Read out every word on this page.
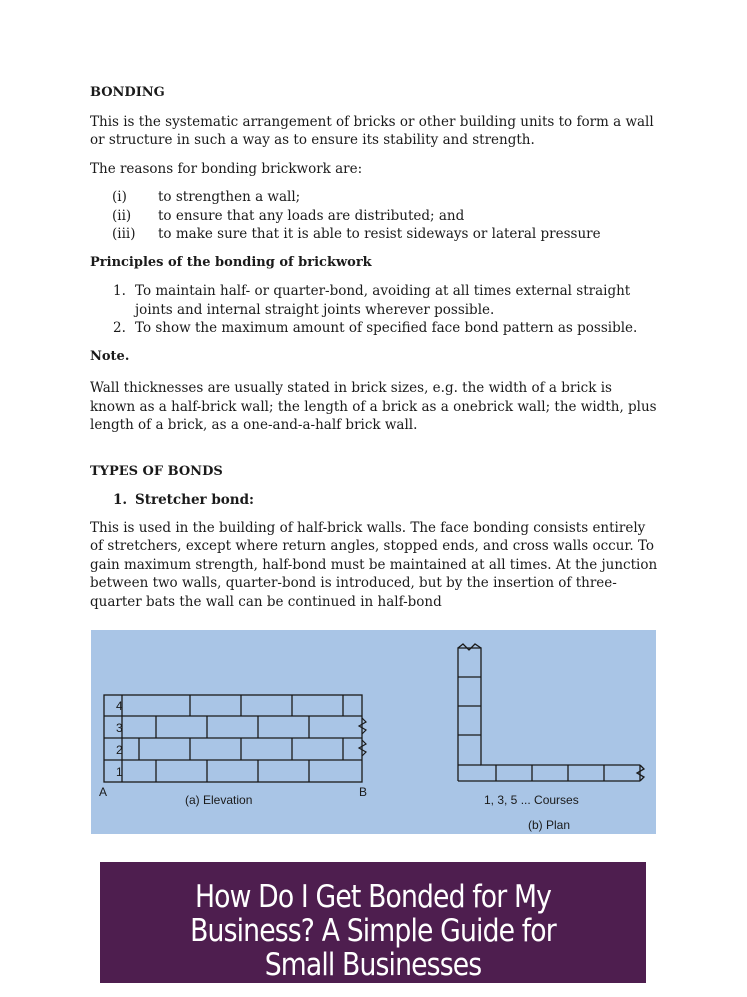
BONDING

This is the systematic arrangement of bricks or other building units to form a wall or structure in such a way as to ensure its stability and strength.

The reasons for bonding brickwork are:

(i)	to strengthen a wall;
(ii)	to ensure that any loads are distributed; and
(iii)	to make sure that it is able to resist sideways or lateral pressure
Principles of the bonding of brickwork
1. To maintain half- or quarter-bond, avoiding at all times external straight joints and internal straight joints wherever possible.
2. To show the maximum amount of specified face bond pattern as possible.
Note.

Wall thicknesses are usually stated in brick sizes, e.g. the width of a brick is known as a half-brick wall; the length of a brick as a onebrick wall; the width, plus length of a brick, as a one-and-a-half brick wall.

TYPES OF BONDS
1. Stretcher bond:

This is used in the building of half-brick walls. The face bonding consists entirely of stretchers, except where return angles, stopped ends, and cross walls occur. To gain maximum strength, half-bond must be maintained at all times. At the junction between two walls, quarter-bond is introduced, but by the insertion of three-quarter bats the wall can be continued in half-bond

4
3
2
1
A	B
(a) Elevation	1, 3, 5 ... Courses
(b) Plan
How Do I Get Bonded for My Business? A Simple Guide for Small Businesses
